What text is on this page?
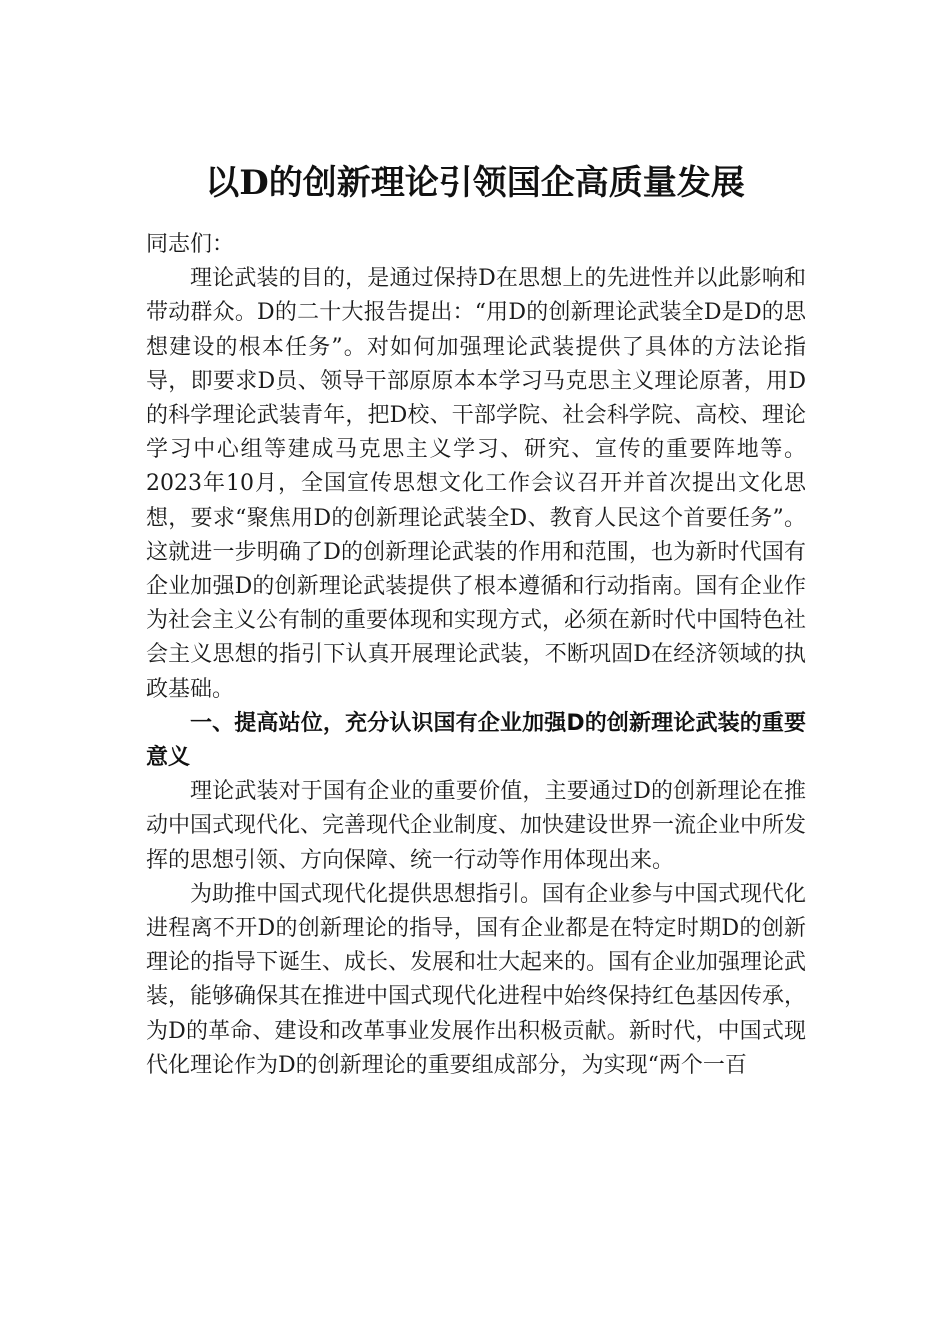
以D的创新理论引领国企高质量发展

同志们：

理论武装的目的，是通过保持D在思想上的先进性并以此影响和带动群众。D的二十大报告提出：“用D的创新理论武装全D是D的思想建设的根本任务”。对如何加强理论武装提供了具体的方法论指导，即要求D员、领导干部原原本本学习马克思主义理论原著，用D的科学理论武装青年，把D校、干部学院、社会科学院、高校、理论学习中心组等建成马克思主义学习、研究、宣传的重要阵地等。2023年10月，全国宣传思想文化工作会议召开并首次提出文化思想，要求“聚焦用D的创新理论武装全D、教育人民这个首要任务”。这就进一步明确了D的创新理论武装的作用和范围，也为新时代国有企业加强D的创新理论武装提供了根本遵循和行动指南。国有企业作为社会主义公有制的重要体现和实现方式，必须在新时代中国特色社会主义思想的指引下认真开展理论武装，不断巩固D在经济领域的执政基础。

一、提高站位，充分认识国有企业加强D的创新理论武装的重要意义

理论武装对于国有企业的重要价值，主要通过D的创新理论在推动中国式现代化、完善现代企业制度、加快建设世界一流企业中所发挥的思想引领、方向保障、统一行动等作用体现出来。

为助推中国式现代化提供思想指引。国有企业参与中国式现代化进程离不开D的创新理论的指导，国有企业都是在特定时期D的创新理论的指导下诞生、成长、发展和壮大起来的。国有企业加强理论武装，能够确保其在推进中国式现代化进程中始终保持红色基因传承，为D的革命、建设和改革事业发展作出积极贡献。新时代，中国式现代化理论作为D的创新理论的重要组成部分，为实现“两个一百
